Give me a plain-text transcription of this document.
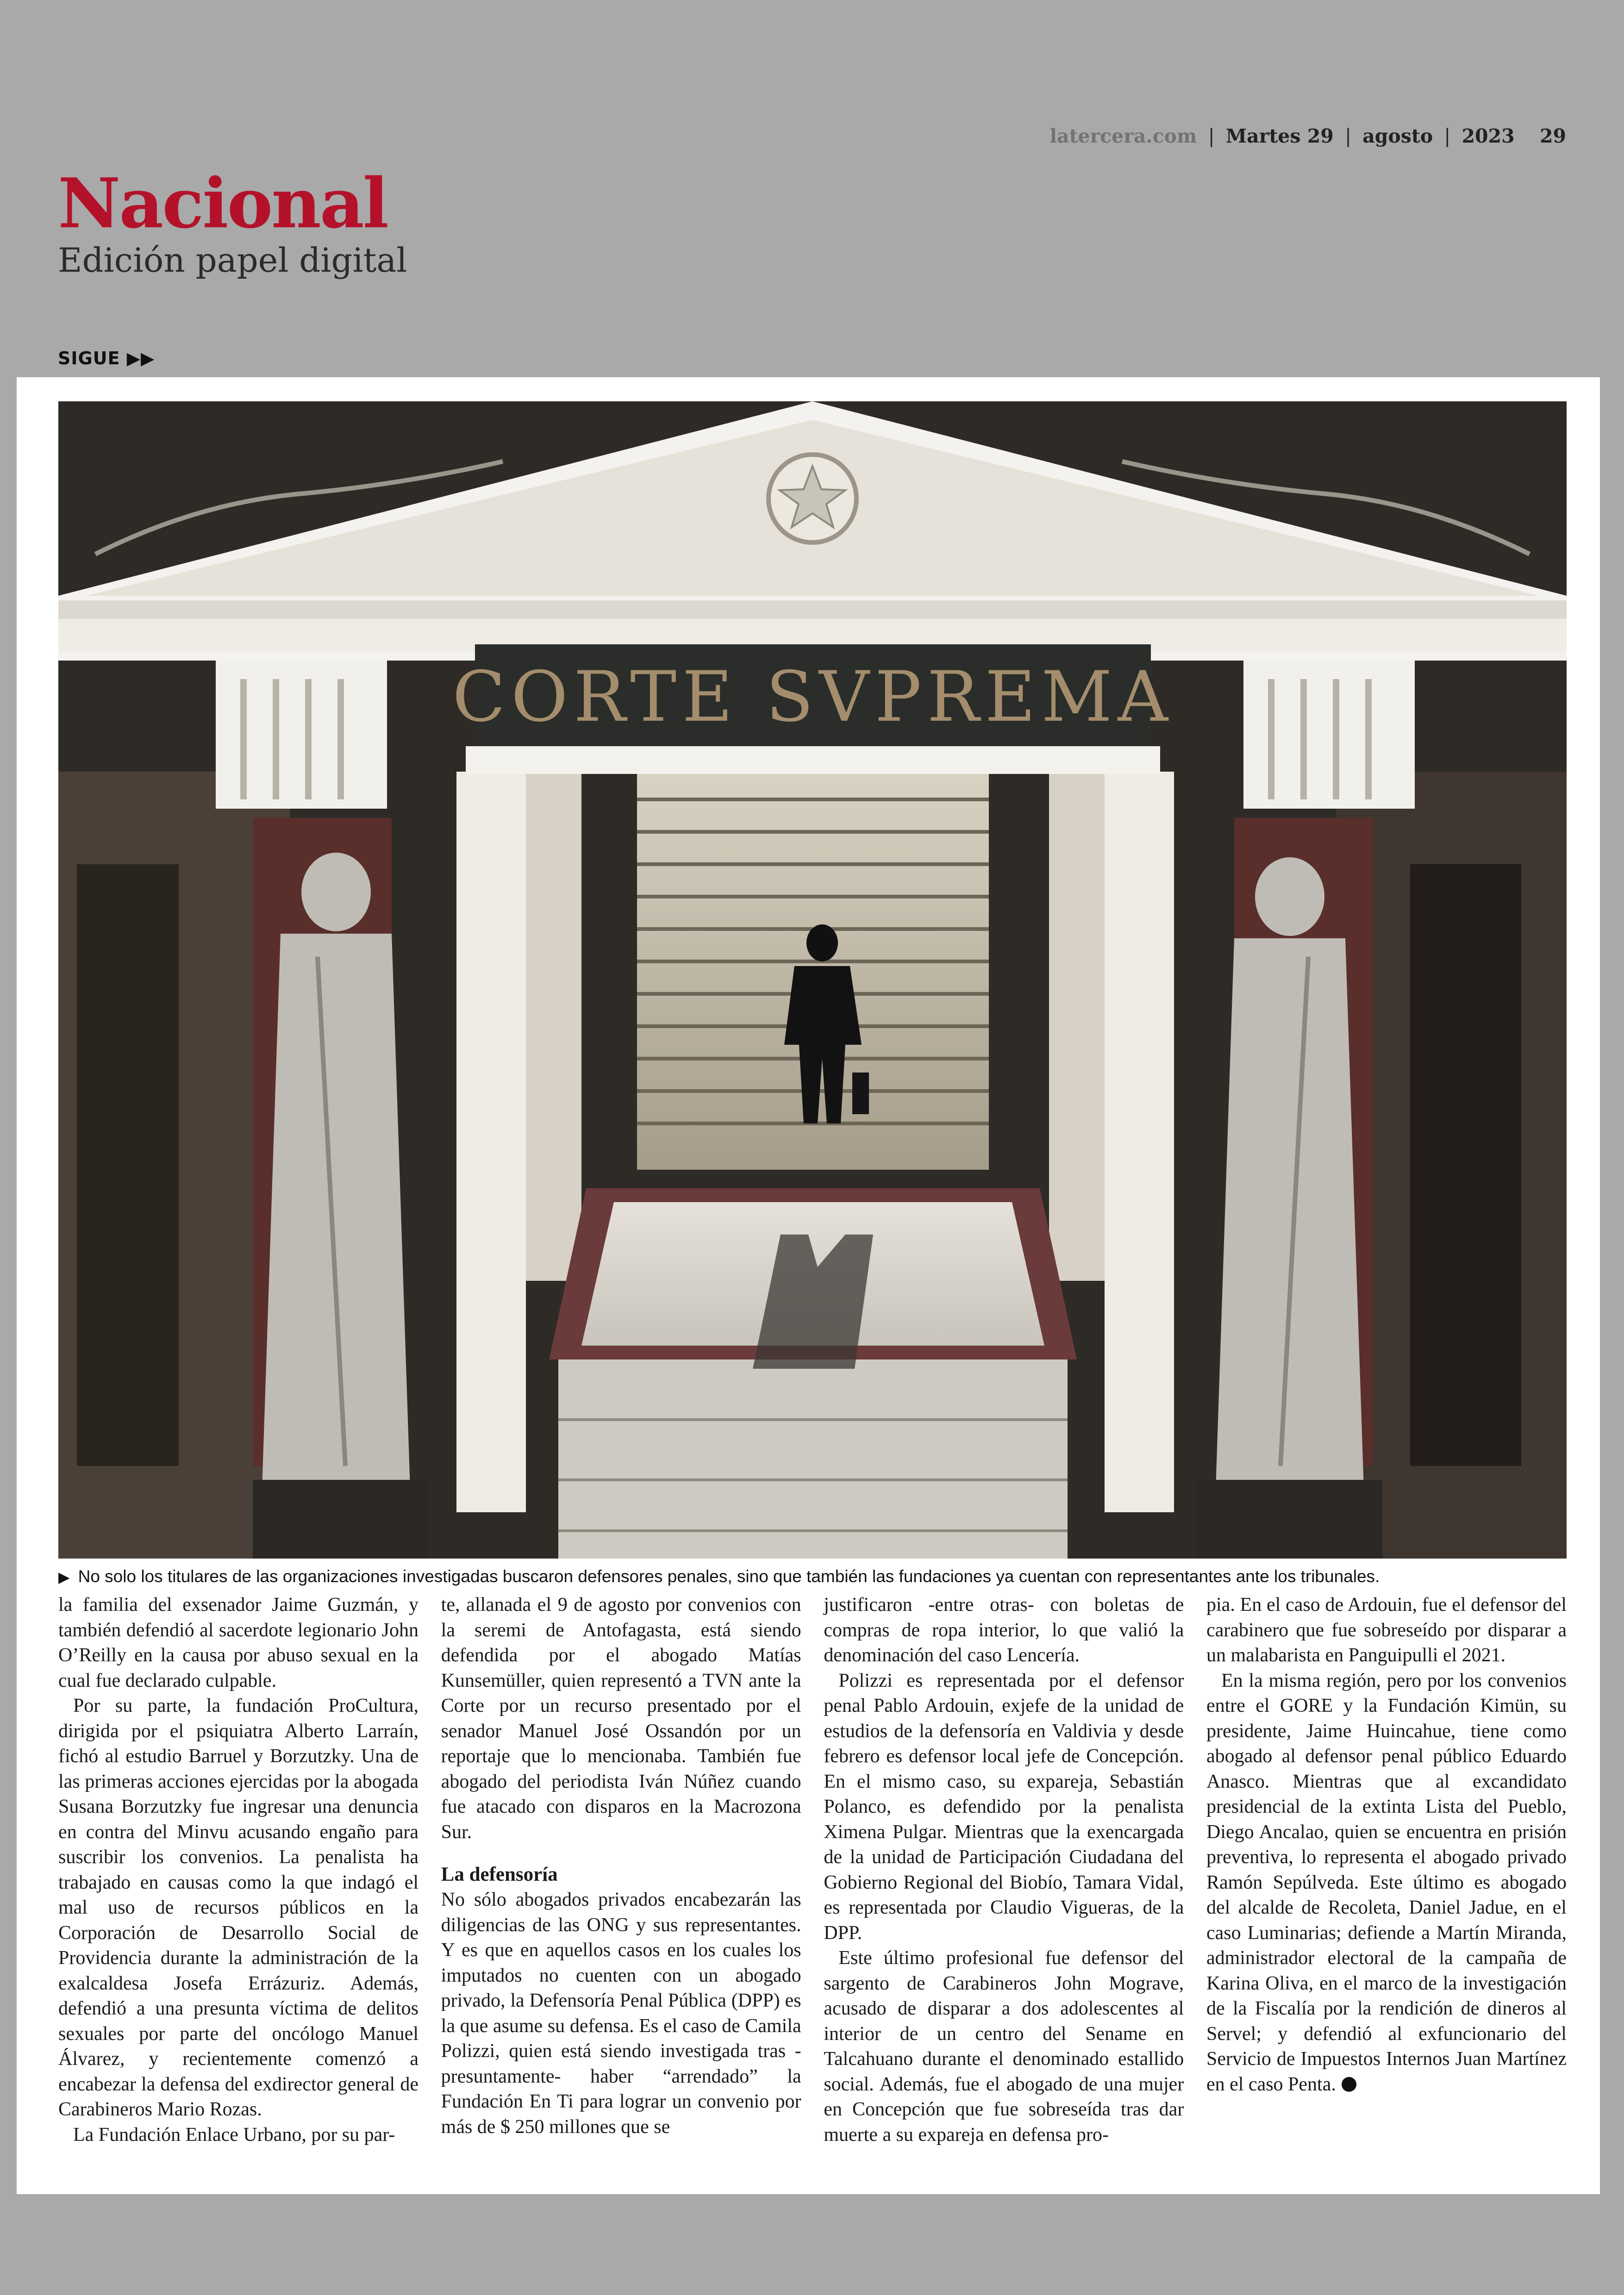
latercera.com | Martes 29 | agosto | 2023 29
Nacional
Edición papel digital
SIGUE ▶▶
CORTE SVPREMA
▶ No solo los titulares de las organizaciones investigadas buscaron defensores penales, sino que también las fundaciones ya cuentan con representantes ante los tribunales.

la familia del exsenador Jaime Guzmán, y también defendió al sacerdote legionario John O’Reilly en la causa por abuso sexual en la cual fue declarado culpable.

Por su parte, la fundación ProCultura, dirigida por el psiquiatra Alberto Larraín, fichó al estudio Barruel y Borzutzky. Una de las primeras acciones ejercidas por la abogada Susana Borzutzky fue ingresar una denuncia en contra del Minvu acusando engaño para suscribir los convenios. La penalista ha trabajado en causas como la que indagó el mal uso de recursos públicos en la Corporación de Desarrollo Social de Providencia durante la administración de la exalcaldesa Josefa Errázuriz. Además, defendió a una presunta víctima de delitos sexuales por parte del oncólogo Manuel Álvarez, y recientemente comenzó a encabezar la defensa del exdirector general de Carabineros Mario Rozas.

La Fundación Enlace Urbano, por su par-

te, allanada el 9 de agosto por convenios con la seremi de Antofagasta, está siendo defendida por el abogado Matías Kunsemüller, quien representó a TVN ante la Corte por un recurso presentado por el senador Manuel José Ossandón por un reportaje que lo mencionaba. También fue abogado del periodista Iván Núñez cuando fue atacado con disparos en la Macrozona Sur.

La defensoría

No sólo abogados privados encabezarán las diligencias de las ONG y sus representantes. Y es que en aquellos casos en los cuales los imputados no cuenten con un abogado privado, la Defensoría Penal Pública (DPP) es la que asume su defensa. Es el caso de Camila Polizzi, quien está siendo investigada tras -presuntamente- haber “arrendado” la Fundación En Ti para lograr un convenio por más de $ 250 millones que se

justificaron -entre otras- con boletas de compras de ropa interior, lo que valió la denominación del caso Lencería.

Polizzi es representada por el defensor penal Pablo Ardouin, exjefe de la unidad de estudios de la defensoría en Valdivia y desde febrero es defensor local jefe de Concepción. En el mismo caso, su expareja, Sebastián Polanco, es defendido por la penalista Ximena Pulgar. Mientras que la exencargada de la unidad de Participación Ciudadana del Gobierno Regional del Biobío, Tamara Vidal, es representada por Claudio Vigueras, de la DPP.

Este último profesional fue defensor del sargento de Carabineros John Mograve, acusado de disparar a dos adolescentes al interior de un centro del Sename en Talcahuano durante el denominado estallido social. Además, fue el abogado de una mujer en Concepción que fue sobreseída tras dar muerte a su expareja en defensa pro-

pia. En el caso de Ardouin, fue el defensor del carabinero que fue sobreseído por disparar a un malabarista en Panguipulli el 2021.

En la misma región, pero por los convenios entre el GORE y la Fundación Kimün, su presidente, Jaime Huincahue, tiene como abogado al defensor penal público Eduardo Anasco. Mientras que al excandidato presidencial de la extinta Lista del Pueblo, Diego Ancalao, quien se encuentra en prisión preventiva, lo representa el abogado privado Ramón Sepúlveda. Este último es abogado del alcalde de Recoleta, Daniel Jadue, en el caso Luminarias; defiende a Martín Miranda, administrador electoral de la campaña de Karina Oliva, en el marco de la investigación de la Fiscalía por la rendición de dineros al Servel; y defendió al exfuncionario del Servicio de Impuestos Internos Juan Martínez en el caso Penta.
